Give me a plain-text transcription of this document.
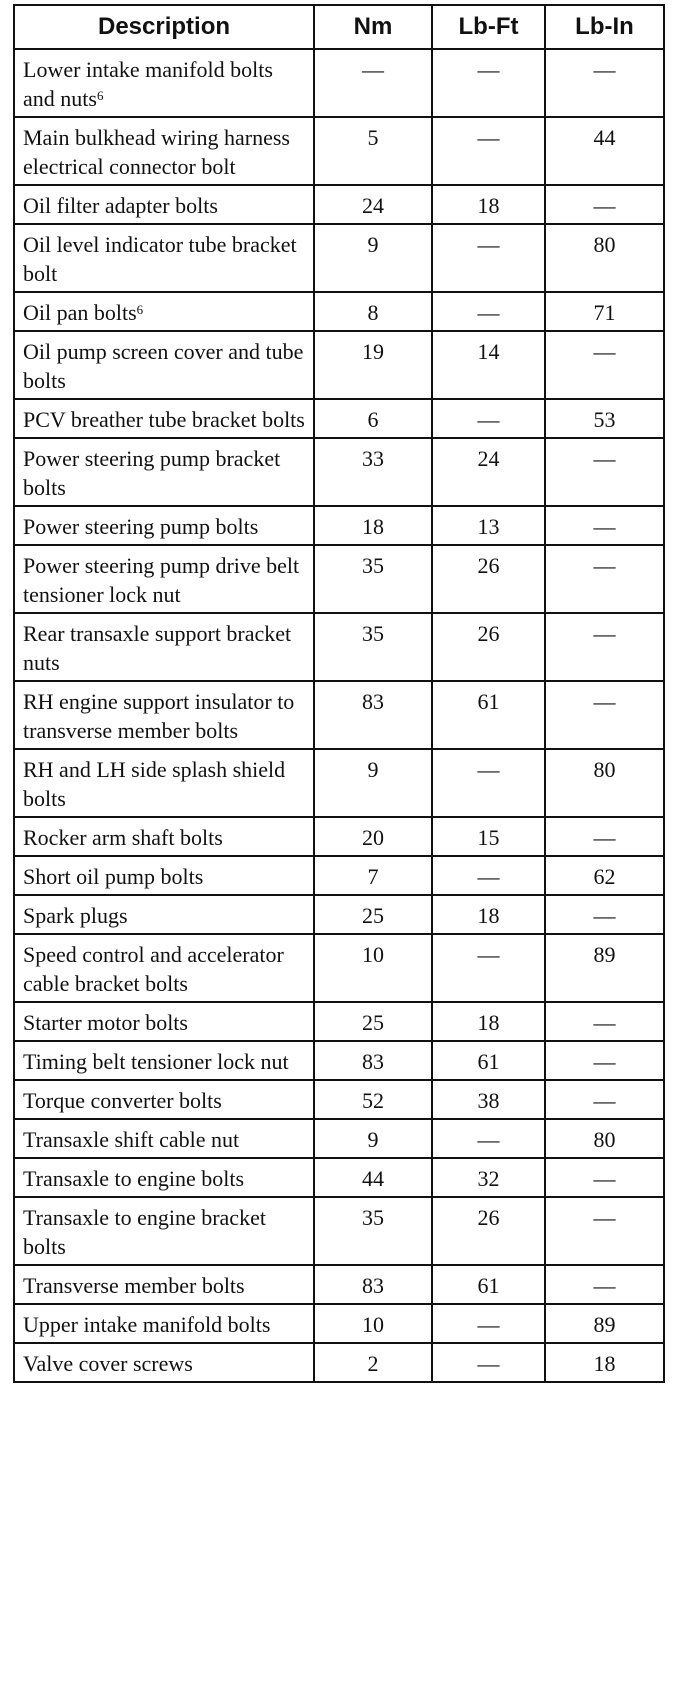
Description	Nm	Lb-Ft	Lb-In
Lower intake manifold bolts and nuts$^6$	—	—	—
Main bulkhead wiring harness electrical connector bolt	5	—	44
Oil filter adapter bolts	24	18	—
Oil level indicator tube bracket bolt	9	—	80
Oil pan bolts$^6$	8	—	71
Oil pump screen cover and tube bolts	19	14	—
PCV breather tube bracket bolts	6	—	53
Power steering pump bracket bolts	33	24	—
Power steering pump bolts	18	13	—
Power steering pump drive belt tensioner lock nut	35	26	—
Rear transaxle support bracket nuts	35	26	—
RH engine support insulator to transverse member bolts	83	61	—
RH and LH side splash shield bolts	9	—	80
Rocker arm shaft bolts	20	15	—
Short oil pump bolts	7	—	62
Spark plugs	25	18	—
Speed control and accelerator cable bracket bolts	10	—	89
Starter motor bolts	25	18	—
Timing belt tensioner lock nut	83	61	—
Torque converter bolts	52	38	—
Transaxle shift cable nut	9	—	80
Transaxle to engine bolts	44	32	—
Transaxle to engine bracket bolts	35	26	—
Transverse member bolts	83	61	—
Upper intake manifold bolts	10	—	89
Valve cover screws	2	—	18
